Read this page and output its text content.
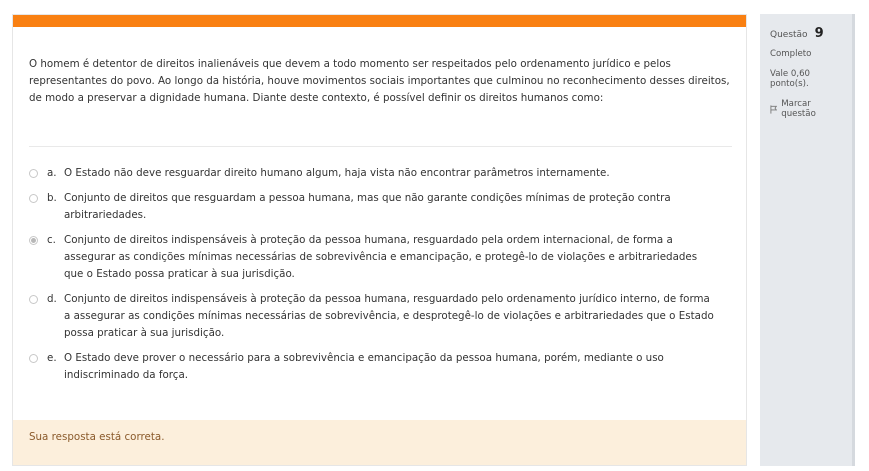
O homem é detentor de direitos inalienáveis que devem a todo momento ser respeitados pelo ordenamento jurídico e pelos representantes do povo. Ao longo da história, houve movimentos sociais importantes que culminou no reconhecimento desses direitos, de modo a preservar a dignidade humana. Diante deste contexto, é possível definir os direitos humanos como:
a. O Estado não deve resguardar direito humano algum, haja vista não encontrar parâmetros internamente.
b. Conjunto de direitos que resguardam a pessoa humana, mas que não garante condições mínimas de proteção contra arbitrariedades.
c. Conjunto de direitos indispensáveis à proteção da pessoa humana, resguardado pela ordem internacional, de forma a assegurar as condições mínimas necessárias de sobrevivência e emancipação, e protegê-lo de violações e arbitrariedades que o Estado possa praticar à sua jurisdição.
d. Conjunto de direitos indispensáveis à proteção da pessoa humana, resguardado pelo ordenamento jurídico interno, de forma a assegurar as condições mínimas necessárias de sobrevivência, e desprotegê-lo de violações e arbitrariedades que o Estado possa praticar à sua jurisdição.
e. O Estado deve prover o necessário para a sobrevivência e emancipação da pessoa humana, porém, mediante o uso indiscriminado da força.
Sua resposta está correta.
Questão 9
Completo
Vale 0,60 ponto(s).
Marcar questão
